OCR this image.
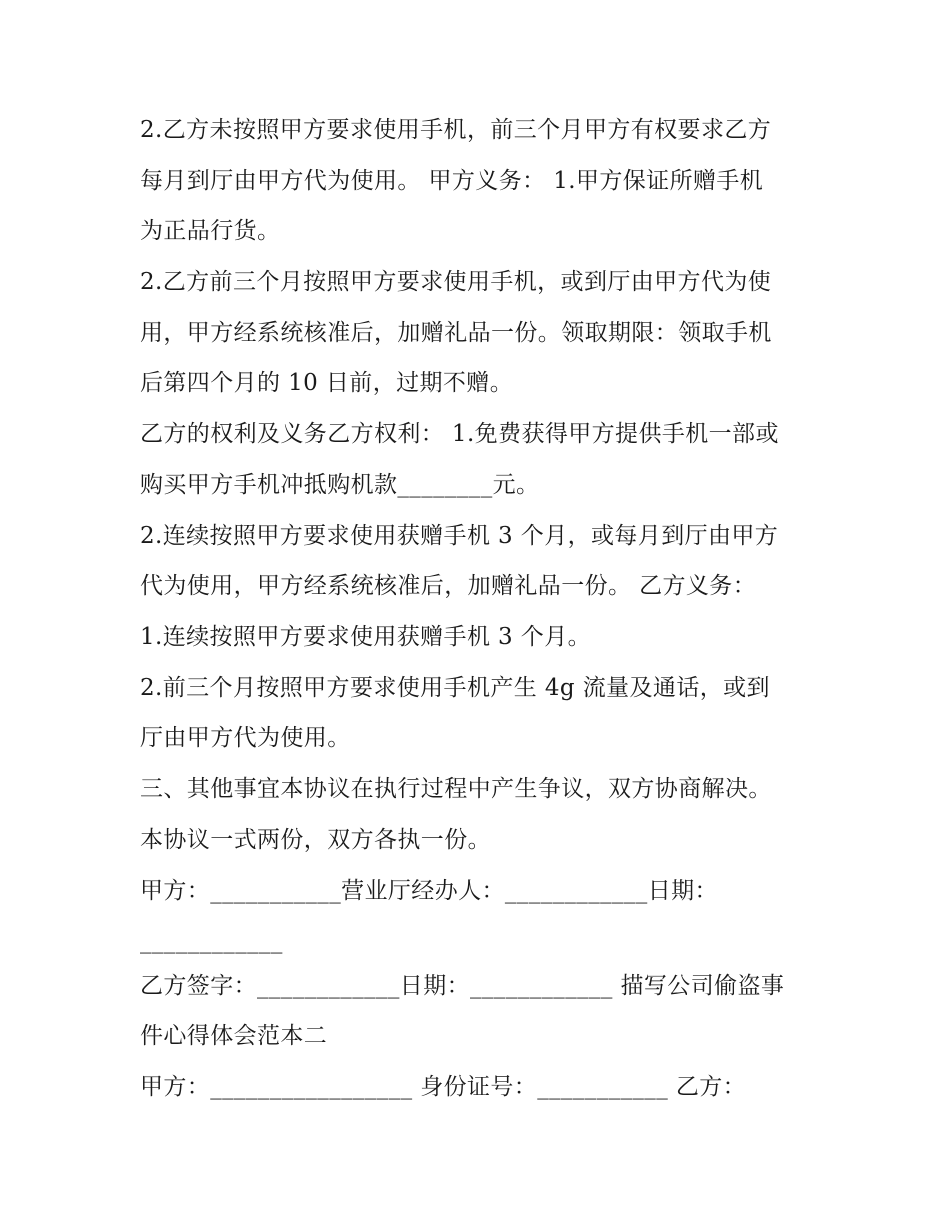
2.乙方未按照甲方要求使用手机，前三个月甲方有权要求乙方
每月到厅由甲方代为使用。 甲方义务： 1.甲方保证所赠手机
为正品行货。
2.乙方前三个月按照甲方要求使用手机，或到厅由甲方代为使
用，甲方经系统核准后，加赠礼品一份。领取期限：领取手机
后第四个月的 10 日前，过期不赠。
乙方的权利及义务乙方权利： 1.免费获得甲方提供手机一部或
购买甲方手机冲抵购机款________元。
2.连续按照甲方要求使用获赠手机 3 个月，或每月到厅由甲方
代为使用，甲方经系统核准后，加赠礼品一份。 乙方义务：
1.连续按照甲方要求使用获赠手机 3 个月。
2.前三个月按照甲方要求使用手机产生 4g 流量及通话，或到
厅由甲方代为使用。
三、其他事宜本协议在执行过程中产生争议，双方协商解决。
本协议一式两份，双方各执一份。
甲方：___________营业厅经办人：____________日期：
____________
乙方签字：____________日期：____________ 描写公司偷盗事
件心得体会范本二
甲方：_________________ 身份证号：___________ 乙方：
